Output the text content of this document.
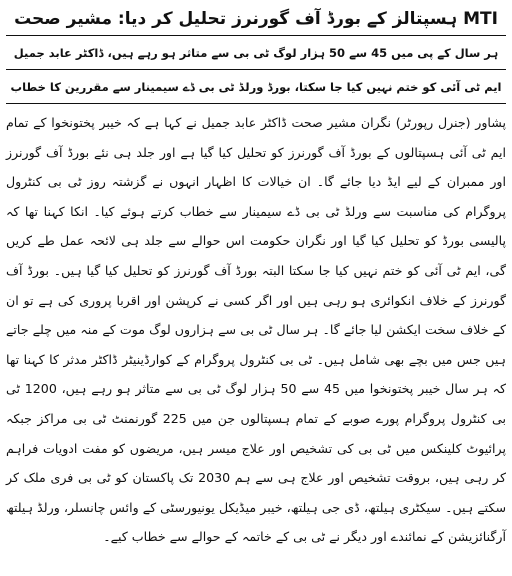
MTI ہسپتالز کے بورڈ آف گورنرز تحلیل کر دیا: مشیر صحت
ہر سال کے پی میں 45 سے 50 ہزار لوگ ٹی بی سے متاثر ہو رہے ہیں، ڈاکٹر عابد جمیل
ایم ٹی آئی کو ختم نہیں کیا جا سکتا، بورڈ ورلڈ ٹی بی ڈے سیمینار سے مقررین کا خطاب

پشاور (جنرل رپورٹر) نگران مشیر صحت ڈاکٹر عابد جمیل نے کہا ہے کہ خیبر پختونخوا کے تمام ایم ٹی آئی ہسپتالوں کے بورڈ آف گورنرز کو تحلیل کیا گیا ہے اور جلد ہی نئے بورڈ آف گورنرز اور ممبران کے لیے ایڈ دیا جائے گا۔ ان خیالات کا اظہار انہوں نے گزشتہ روز ٹی بی کنٹرول پروگرام کی مناسبت سے ورلڈ ٹی بی ڈے سیمینار سے خطاب کرتے ہوئے کیا۔ انکا کہنا تھا کہ پالیسی بورڈ کو تحلیل کیا گیا اور نگران حکومت اس حوالے سے جلد ہی لائحہ عمل طے کریں گی، ایم ٹی آئی کو ختم نہیں کیا جا سکتا البتہ بورڈ آف گورنرز کو تحلیل کیا گیا ہیں۔ بورڈ آف گورنرز کے خلاف انکوائری ہو رہی ہیں اور اگر کسی نے کرپشن اور اقربا پروری کی ہے تو ان کے خلاف سخت ایکشن لیا جائے گا۔ ہر سال ٹی بی سے ہزاروں لوگ موت کے منہ میں چلے جاتے ہیں جس میں بچے بھی شامل ہیں۔ ٹی بی کنٹرول پروگرام کے کوارڈینیٹر ڈاکٹر مدثر کا کہنا تھا کہ ہر سال خیبر پختونخوا میں 45 سے 50 ہزار لوگ ٹی بی سے متاثر ہو رہے ہیں، 1200 ٹی بی کنٹرول پروگرام پورے صوبے کے تمام ہسپتالوں جن میں 225 گورنمنٹ ٹی بی مراکز جبکہ پرائیوٹ کلینکس میں ٹی بی کی تشخیص اور علاج میسر ہیں، مریضوں کو مفت ادویات فراہم کر رہی ہیں، بروقت تشخیص اور علاج ہی سے ہم 2030 تک پاکستان کو ٹی بی فری ملک کر سکتے ہیں۔ سیکٹری ہیلتھ، ڈی جی ہیلتھ، خیبر میڈیکل یونیورسٹی کے وائس چانسلر، ورلڈ ہیلتھ آرگنائزیشن کے نمائندے اور دیگر نے ٹی بی کے خاتمہ کے حوالے سے خطاب کیے۔
